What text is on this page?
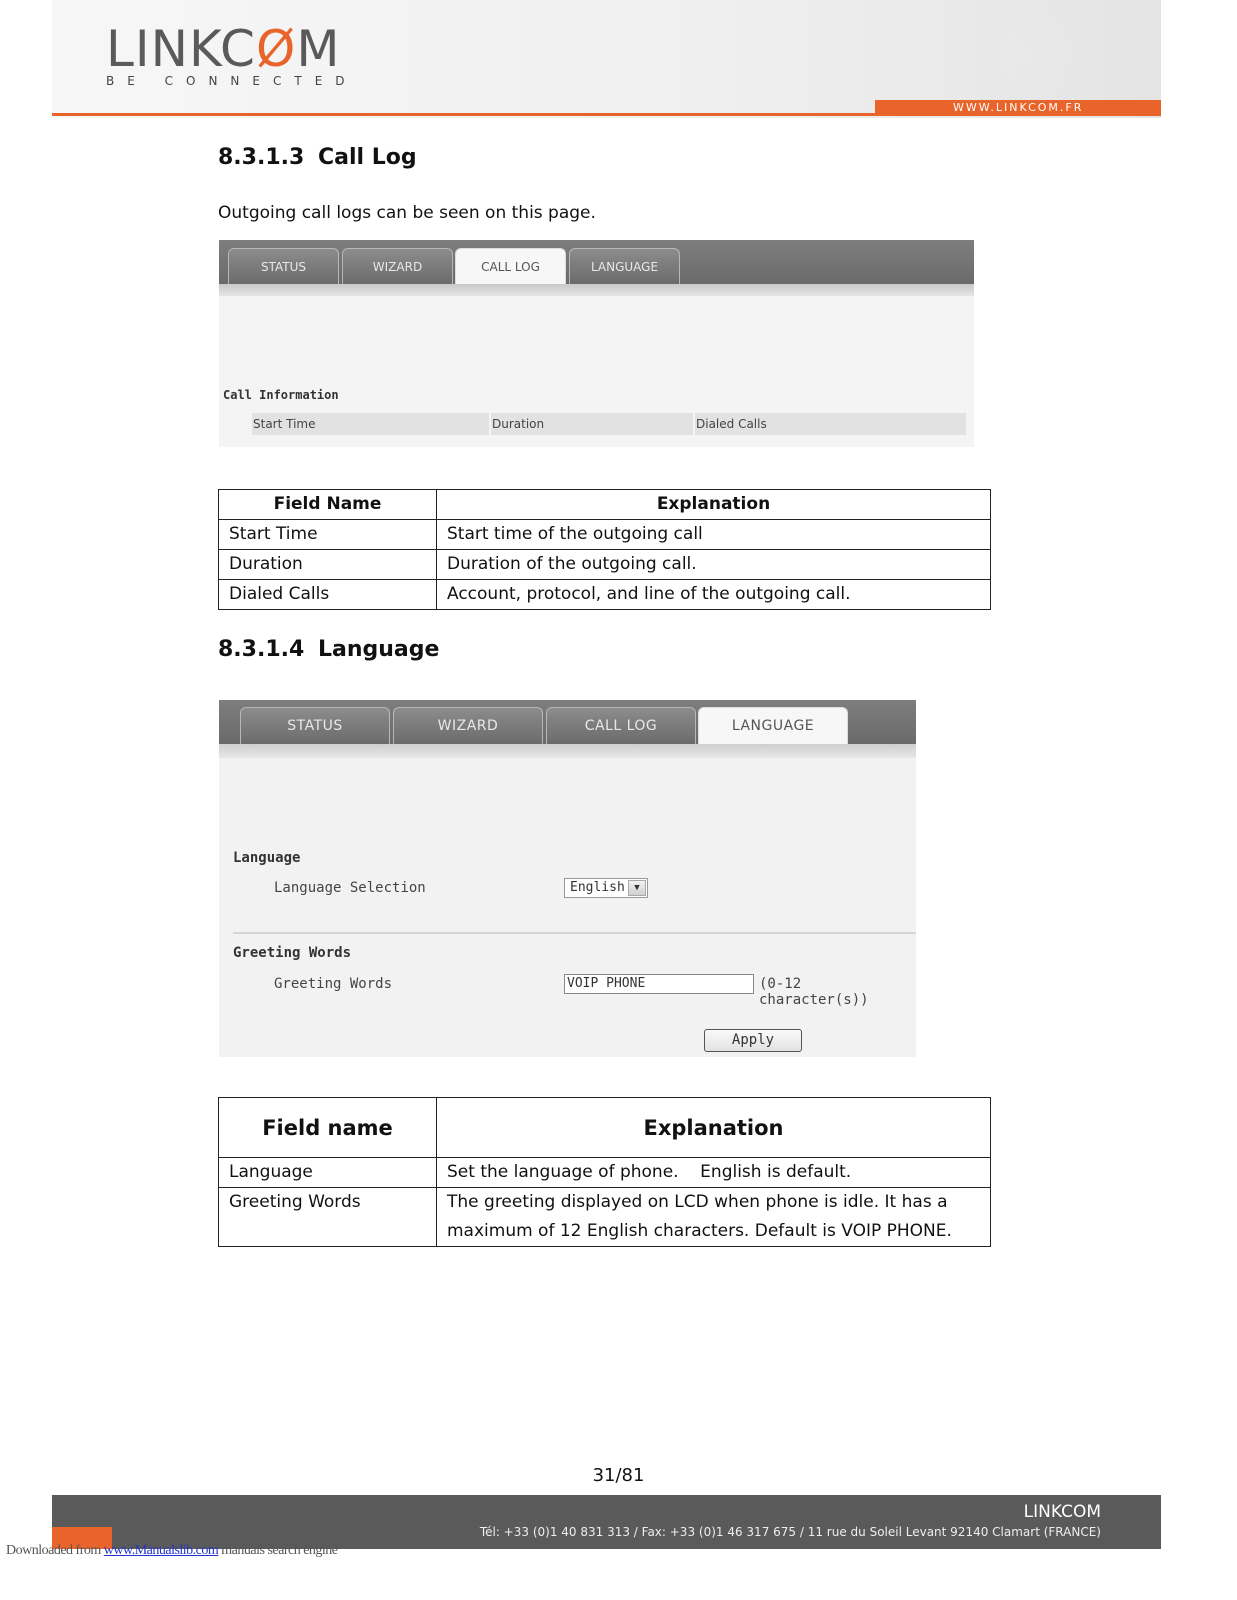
LINKCØM
BE CONNECTED
WWW.LINKCOM.FR
8.3.1.3 Call Log
Outgoing call logs can be seen on this page.
STATUS	WIZARD	CALL LOG	LANGUAGE
Call Information
Start Time	Duration	Dialed Calls
Field Name	Explanation
Start Time	Start time of the outgoing call
Duration	Duration of the outgoing call.
Dialed Calls	Account, protocol, and line of the outgoing call.
8.3.1.4 Language
STATUS	WIZARD	CALL LOG	LANGUAGE
Language
Language Selection	English	▼
Greeting Words
Greeting Words	VOIP PHONE	(0-12 character(s))
Apply
Field name	Explanation
Language	Set the language of phone.    English is default.
Greeting Words	The greeting displayed on LCD when phone is idle. It has a maximum of 12 English characters. Default is VOIP PHONE.
31/81
LINKCOM
Tél: +33 (0)1 40 831 313 / Fax: +33 (0)1 46 317 675 / 11 rue du Soleil Levant 92140 Clamart (FRANCE)
Downloaded from www.Manualslib.com manuals search engine
